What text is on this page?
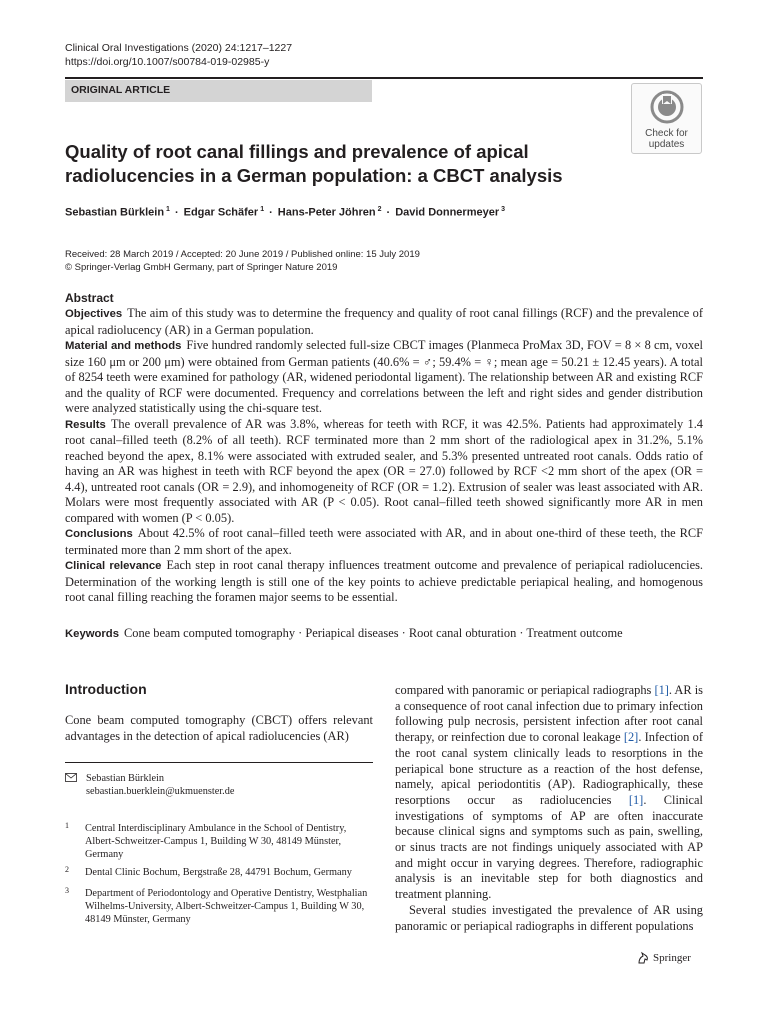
Clinical Oral Investigations (2020) 24:1217–1227
https://doi.org/10.1007/s00784-019-02985-y
ORIGINAL ARTICLE
Check for updates
Quality of root canal fillings and prevalence of apical radiolucencies in a German population: a CBCT analysis
Sebastian Bürklein $^1$ · Edgar Schäfer $^1$ · Hans-Peter Jöhren $^2$ · David Donnermeyer $^3$
Received: 28 March 2019 / Accepted: 20 June 2019 / Published online: 15 July 2019
© Springer-Verlag GmbH Germany, part of Springer Nature 2019
Abstract

Objectives The aim of this study was to determine the frequency and quality of root canal fillings (RCF) and the prevalence of apical radiolucency (AR) in a German population.

Material and methods Five hundred randomly selected full-size CBCT images (Planmeca ProMax 3D, FOV = 8 × 8 cm, voxel size 160 μm or 200 μm) were obtained from German patients (40.6% = ♂; 59.4% = ♀; mean age = 50.21 ± 12.45 years). A total of 8254 teeth were examined for pathology (AR, widened periodontal ligament). The relationship between AR and existing RCF and the quality of RCF were documented. Frequency and correlations between the left and right sides and gender distribution were analyzed statistically using the chi-square test.

Results The overall prevalence of AR was 3.8%, whereas for teeth with RCF, it was 42.5%. Patients had approximately 1.4 root canal–filled teeth (8.2% of all teeth). RCF terminated more than 2 mm short of the radiological apex in 31.2%, 5.1% reached beyond the apex, 8.1% were associated with extruded sealer, and 5.3% presented untreated root canals. Odds ratio of having an AR was highest in teeth with RCF beyond the apex (OR = 27.0) followed by RCF <2 mm short of the apex (OR = 4.4), untreated root canals (OR = 2.9), and inhomogeneity of RCF (OR = 1.2). Extrusion of sealer was least associated with AR. Molars were most frequently associated with AR (P < 0.05). Root canal–filled teeth showed significantly more AR in men compared with women (P < 0.05).

Conclusions About 42.5% of root canal–filled teeth were associated with AR, and in about one-third of these teeth, the RCF terminated more than 2 mm short of the apex.

Clinical relevance Each step in root canal therapy influences treatment outcome and prevalence of periapical radiolucencies. Determination of the working length is still one of the key points to achieve predictable periapical healing, and homogenous root canal filling reaching the foramen major seems to be essential.

Keywords Cone beam computed tomography · Periapical diseases · Root canal obturation · Treatment outcome
Introduction

Cone beam computed tomography (CBCT) offers relevant advantages in the detection of apical radiolucencies (AR)

Sebastian Bürklein
sebastian.buerklein@ukmuenster.de
1 Central Interdisciplinary Ambulance in the School of Dentistry, Albert-Schweitzer-Campus 1, Building W 30, 48149 Münster, Germany
2 Dental Clinic Bochum, Bergstraße 28, 44791 Bochum, Germany
3 Department of Periodontology and Operative Dentistry, Westphalian Wilhelms-University, Albert-Schweitzer-Campus 1, Building W 30, 48149 Münster, Germany

compared with panoramic or periapical radiographs [1]. AR is a consequence of root canal infection due to primary infection following pulp necrosis, persistent infection after root canal therapy, or reinfection due to coronal leakage [2]. Infection of the root canal system clinically leads to resorptions in the periapical bone structure as a reaction of the host defense, namely, apical periodontitis (AP). Radiographically, these resorptions occur as radiolucencies [1]. Clinical investigations of symptoms of AP are often inaccurate because clinical signs and symptoms such as pain, swelling, or sinus tracts are not findings uniquely associated with AP and might occur in varying degrees. Therefore, radiographic analysis is an inevitable step for both diagnostics and treatment planning.

Several studies investigated the prevalence of AR using panoramic or periapical radiographs in different populations

Springer
